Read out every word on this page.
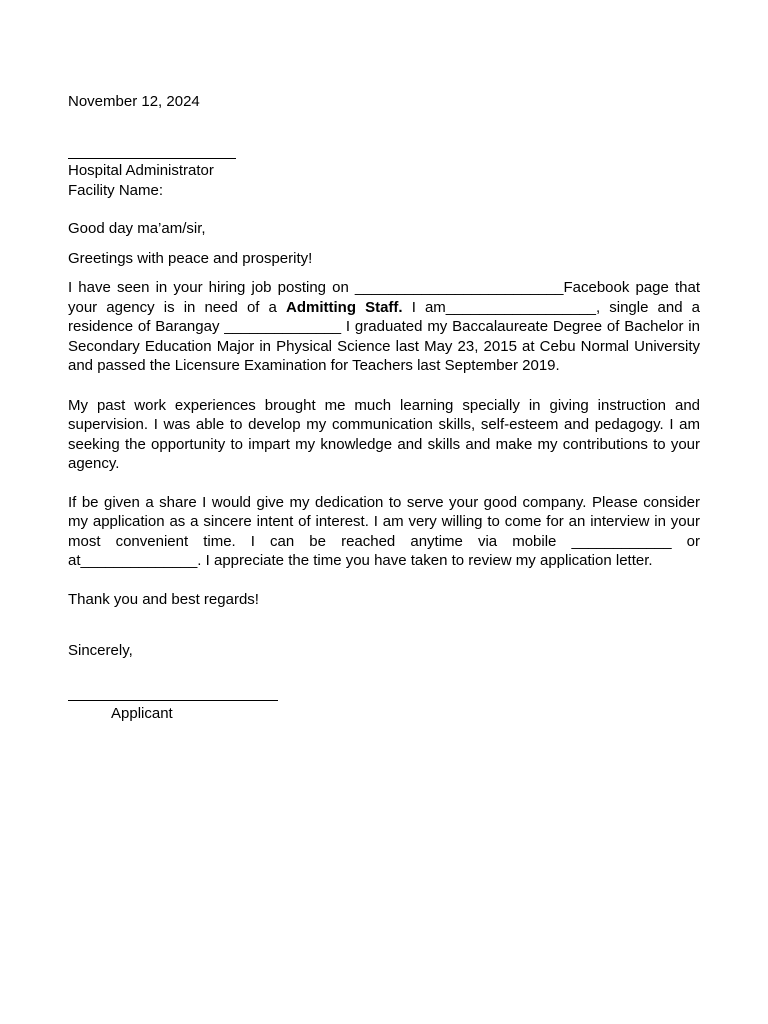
November 12, 2024

Hospital Administrator

Facility Name:

Good day ma’am/sir,

Greetings with peace and prosperity!

I have seen in your hiring job posting on _________________________Facebook page that your agency is in need of a Admitting Staff. I am__________________, single and a residence of Barangay ______________ I graduated my Baccalaureate Degree of Bachelor in Secondary Education Major in Physical Science last May 23, 2015 at Cebu Normal University and passed the Licensure Examination for Teachers last September 2019.

My past work experiences brought me much learning specially in giving instruction and supervision. I was able to develop my communication skills, self-esteem and pedagogy. I am seeking the opportunity to impart my knowledge and skills and make my contributions to your agency.

If be given a share I would give my dedication to serve your good company. Please consider my application as a sincere intent of interest. I am very willing to come for an interview in your most convenient time. I can be reached anytime via mobile ____________ or at______________. I appreciate the time you have taken to review my application letter.

Thank you and best regards!

Sincerely,

Applicant
